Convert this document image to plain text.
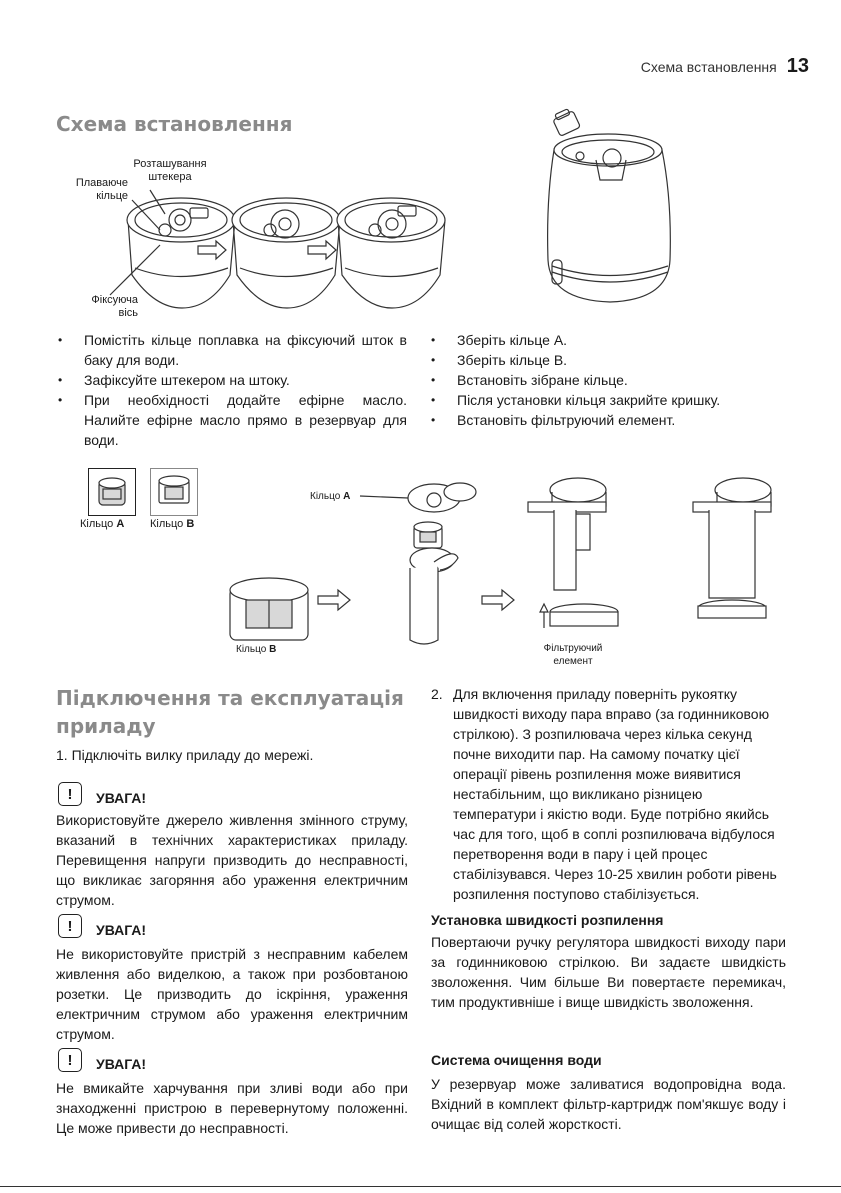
Схема встановлення 13
Схема встановлення
Розташування штекера
Плаваюче кільце
Фіксуюча вісь
• Помістіть кільце поплавка на фіксуючий шток в баку для води.
• Зафіксуйте штекером на штоку.
• При необхідності додайте ефірне масло. Налийте ефірне масло прямо в резервуар для води.
• Зберіть кільце А.
• Зберіть кільце В.
• Встановіть зібране кільце.
• Після установки кільця закрийте кришку.
• Встановіть фільтруючий елемент.
Кільцо A Кільцо B
Кільцо A
Кільцо B	Фільтруючий елемент
Підключення та експлуатація
приладу
1. Підключіть вилку приладу до мережі.
!	УВАГА!
Використовуйте джерело живлення змінного струму, вказаний в технічних характеристиках приладу. Перевищення напруги призводить до несправності, що викликає загоряння або ураження електричним струмом.
!	УВАГА!
Не використовуйте пристрій з несправним кабелем живлення або виделкою, а також при розбовтаною розетки. Це призводить до іскріння, ураження електричним струмом або ураження електричним струмом.
!	УВАГА!
Не вмикайте харчування при зливі води або при знаходженні пристрою в перевернутому положенні. Це може привести до несправності.
2. Для включення приладу поверніть рукоятку швидкості виходу пара вправо (за годинниковою стрілкою). З розпилювача через кілька секунд почне виходити пар. На самому початку цієї операції рівень розпилення може виявитися нестабільним, що викликано різницею температури і якістю води. Буде потрібно якийсь час для того, щоб в соплі розпилювача відбулося перетворення води в пару і цей процес стабілізувався. Через 10-25 хвилин роботи рівень розпилення поступово стабілізується.
Установка швидкості розпилення
Повертаючи ручку регулятора швидкості виходу пари за годинниковою стрілкою. Ви задаєте швидкість зволоження. Чим більше Ви повертаєте перемикач, тим продуктивніше і вище швидкість зволоження.
Система очищення води
У резервуар може заливатися водопровідна вода. Вхідний в комплект фільтр-картридж пом'якшує воду і очищає від солей жорсткості.
